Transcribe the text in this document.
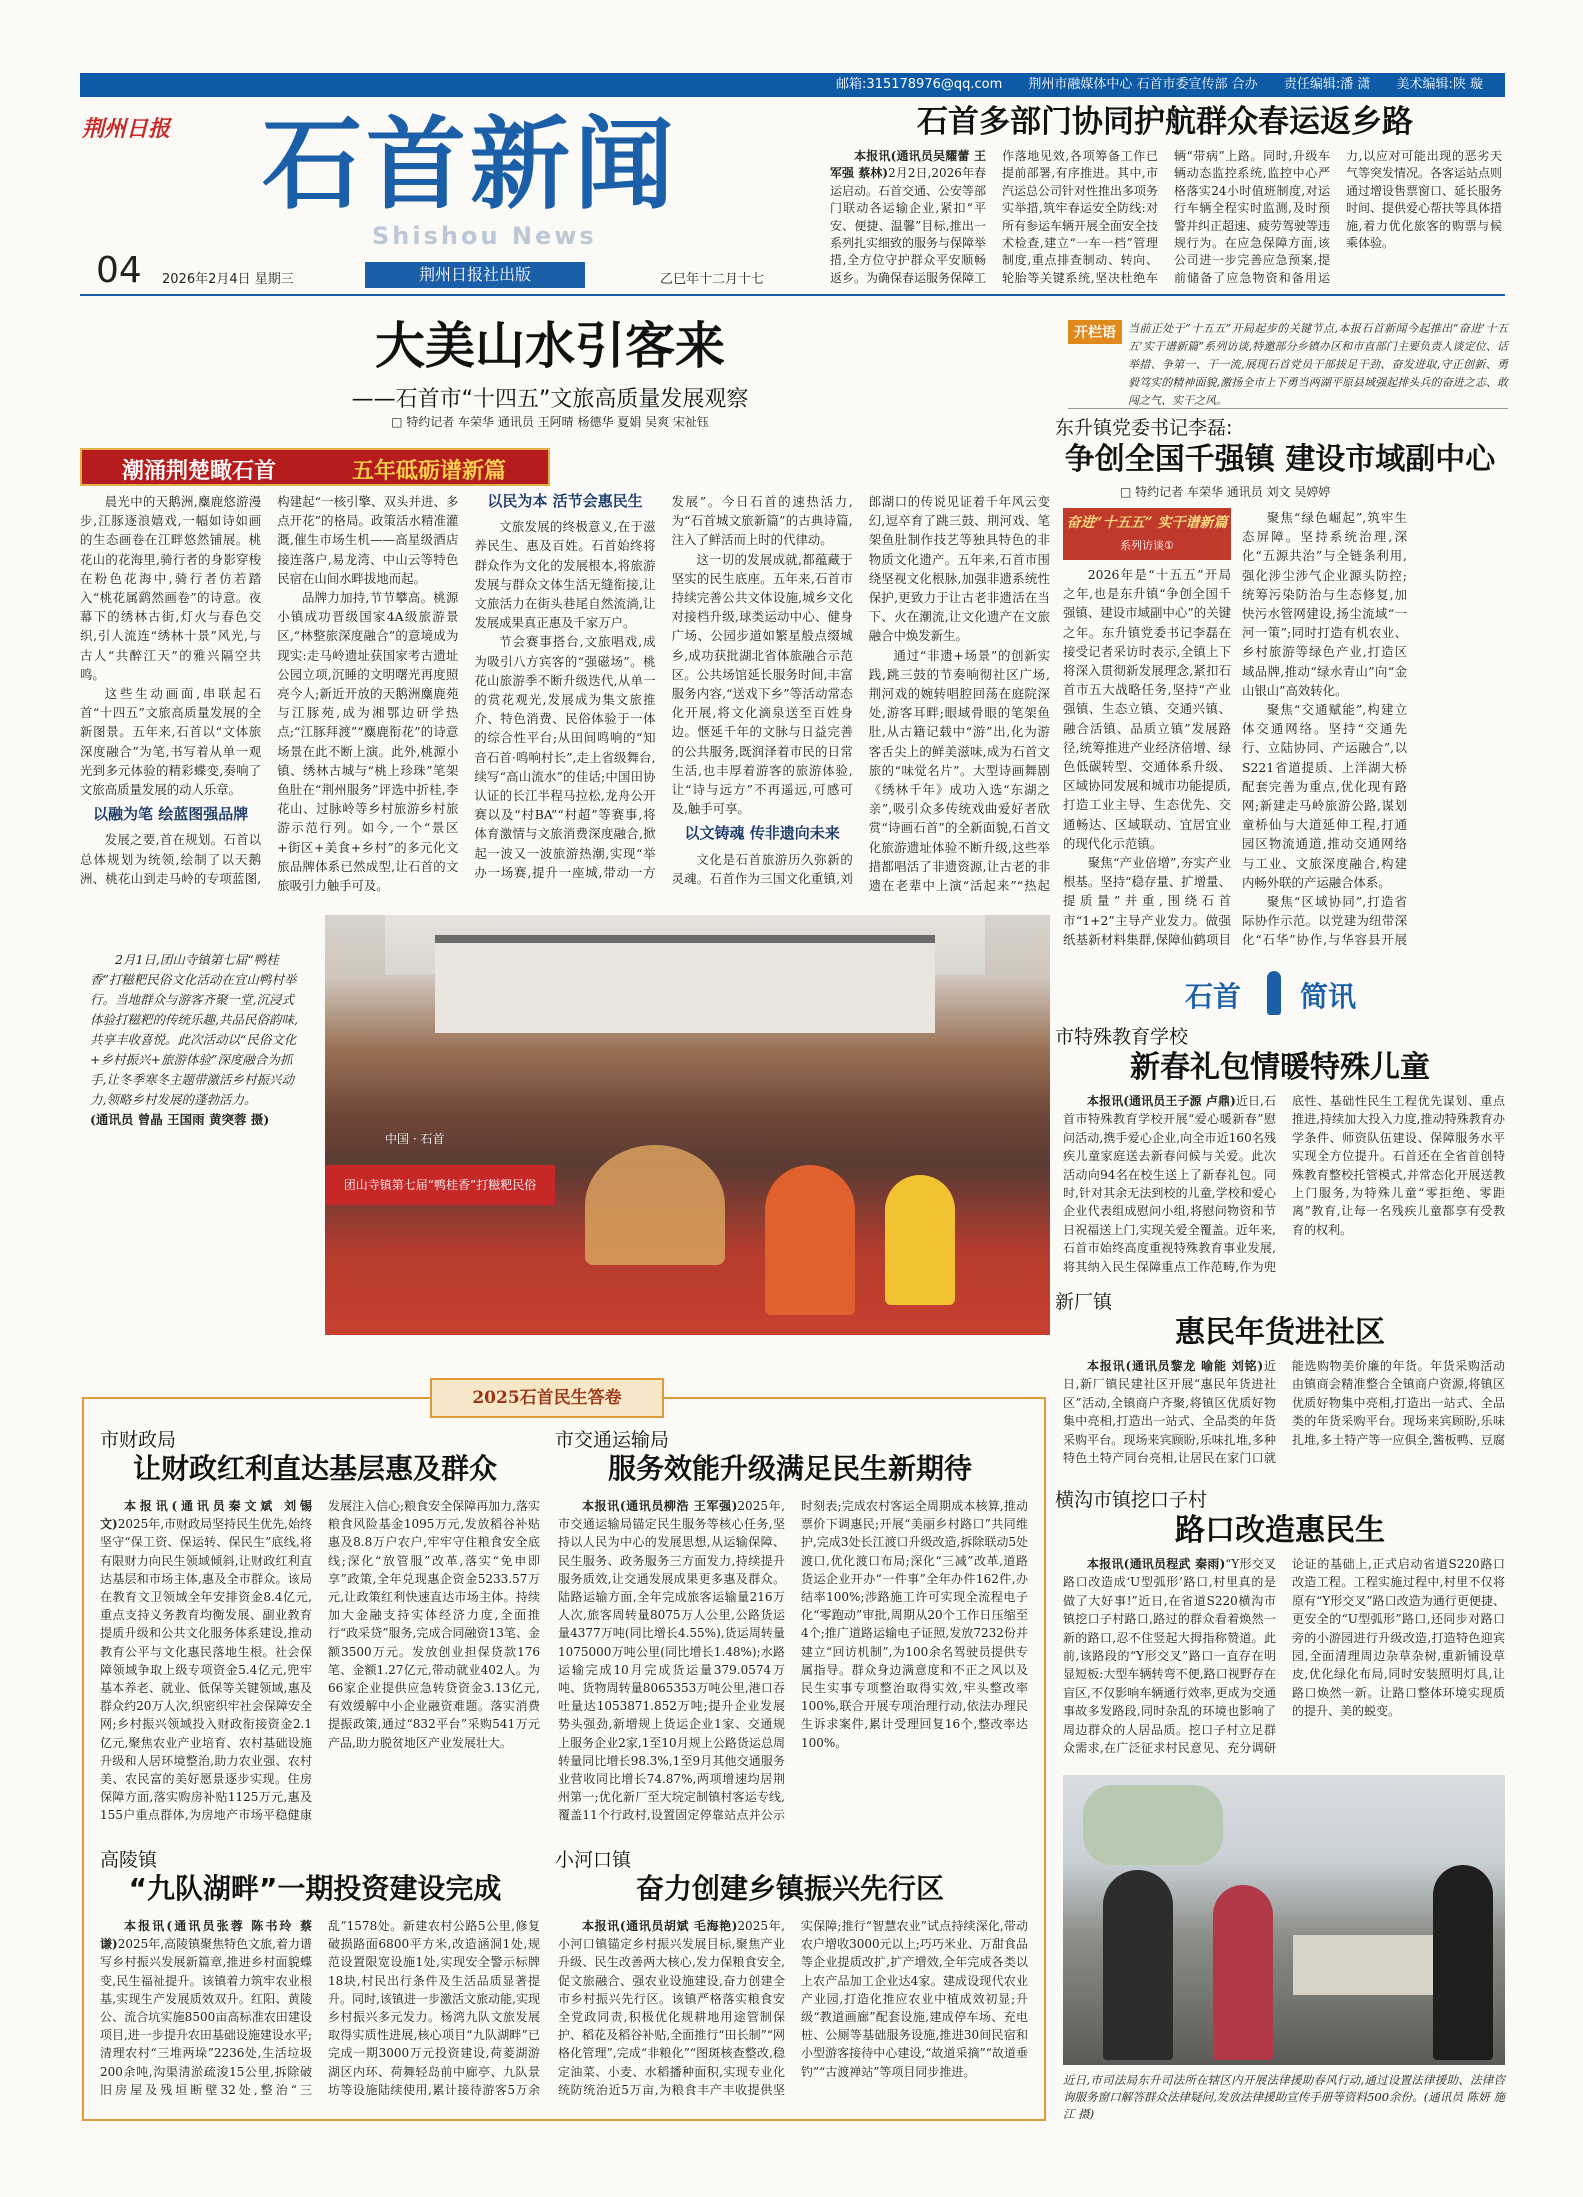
邮箱:315178976@qq.com 荆州市融媒体中心 石首市委宣传部 合办 责任编辑:潘 潇 美术编辑:陕 璇
荆州日报 石首新闻
Shishou News
04 2026年2月4日 星期三	荆州日报社出版	乙巳年十二月十七
石首多部门协同护航群众春运返乡路

本报讯(通讯员吴耀蕾 王军强 蔡林)2月2日,2026年春运启动。石首交通、公安等部门联动各运输企业,紧扣“平安、便捷、温馨”目标,推出一系列扎实细致的服务与保障举措,全方位守护群众平安顺畅返乡。为确保春运服务保障工作落地见效,各项筹备工作已提前部署,有序推进。其中,市汽运总公司针对性推出多项务实举措,筑牢春运安全防线:对所有参运车辆开展全面安全技术检查,建立“一车一档”管理制度,重点排查制动、转向、轮胎等关键系统,坚决杜绝车辆“带病”上路。同时,升级车辆动态监控系统,监控中心严格落实24小时值班制度,对运行车辆全程实时监测,及时预警并纠正超速、疲劳驾驶等违规行为。在应急保障方面,该公司进一步完善应急预案,提前储备了应急物资和备用运力,以应对可能出现的恶劣天气等突发情况。各客运站点则通过增设售票窗口、延长服务时间、提供爱心帮扶等具体措施,着力优化旅客的购票与候乘体验。

大美山水引客来
——石首市“十四五”文旅高质量发展观察
□ 特约记者 车荣华 通讯员 王阿晴 杨德华 夏娟 吴爽 宋祉钰
潮涌荆楚瞰石首	五年砥砺谱新篇

晨光中的天鹅洲,麋鹿悠游漫步,江豚逐浪嬉戏,一幅如诗如画的生态画卷在江畔悠然铺展。桃花山的花海里,骑行者的身影穿梭在粉色花海中,骑行者仿若踏入“桃花属鹞然画卷”的诗意。夜幕下的绣林古街,灯火与春色交织,引人流连“绣林十景”风光,与古人“共醉江天”的雅兴隔空共鸣。

这些生动画面,串联起石首“十四五”文旅高质量发展的全新图景。五年来,石首以“文体旅深度融合”为笔,书写着从单一观光到多元体验的精彩蝶变,奏响了文旅高质量发展的动人乐章。

以融为笔 绘蓝图强品牌

发展之要,首在规划。石首以总体规划为统领,绘制了以天鹅洲、桃花山到走马岭的专项蓝图,构建起“一核引擎、双头并进、多点开花”的格局。政策活水精准灌溉,催生市场生机——高星级酒店接连落户,易龙湾、中山云等特色民宿在山间水畔拔地而起。

品牌力加持,节节攀高。桃源小镇成功晋级国家4A级旅游景区,“林整旅深度融合”的意境成为现实:走马岭遗址获国家考古遗址公园立项,沉睡的文明曙光再度照亮今人;新近开放的天鹅洲麋鹿苑与江豚苑,成为湘鄂边研学热点;“江豚拜渡”“麋鹿衔花”的诗意场景在此不断上演。此外,桃源小镇、绣林古城与“桃上珍珠”笔架鱼肚在“荆州服务”评选中折桂,李花山、过脉岭等乡村旅游乡村旅游示范行列。如今,一个“景区+街区+美食+乡村”的多元化文旅品牌体系已然成型,让石首的文旅吸引力触手可及。

以民为本 活节会惠民生

文旅发展的终极意义,在于滋养民生、惠及百姓。石首始终将群众作为文化的发展根本,将旅游发展与群众文体生活无缝衔接,让文旅活力在街头巷尾自然流淌,让发展成果真正惠及千家万户。

节会赛事搭台,文旅唱戏,成为吸引八方宾客的“强磁场”。桃花山旅游季不断升级迭代,从单一的赏花观光,发展成为集文旅推介、特色消费、民俗体验于一体的综合性平台;从田间鸣响的“知音石首·鸣响村长”,走上省级舞台,续写“高山流水”的佳话;中国田协认证的长江半程马拉松,龙舟公开赛以及“村BA”“村超”等赛事,将体育激情与文旅消费深度融合,掀起一波又一波旅游热潮,实现“举办一场赛,提升一座城,带动一方发展”。今日石首的速热活力,为“石首城文旅新篇”的古典诗篇,注入了鲜活而上时的代律动。

这一切的发展成就,都蕴藏于坚实的民生底座。五年来,石首市持续完善公共文体设施,城乡文化对接档升级,球类运动中心、健身广场、公园步道如繁星般点缀城乡,成功获批湖北省体旅融合示范区。公共场馆延长服务时间,丰富服务内容,“送戏下乡”等活动常态化开展,将文化滴泉送至百姓身边。惬延千年的文脉与日益完善的公共服务,既润泽着市民的日常生活,也丰厚着游客的旅游体验,让“诗与远方”不再遥远,可感可及,触手可享。

以文铸魂 传非遗向未来

文化是石首旅游历久弥新的灵魂。石首作为三国文化重镇,刘郎湖口的传说见证着千年风云变幻,逗卒育了跳三鼓、荆河戏、笔架鱼肚制作技艺等独具特色的非物质文化遗产。五年来,石首市围绕坚视文化根脉,加强非遗系统性保护,更致力于让古老非遗活在当下、火在潮流,让文化遗产在文旅融合中焕发新生。

通过“非遗+场景”的创新实践,跳三鼓的节奏响彻社区广场,荆河戏的婉转唱腔回荡在庭院深处,游客耳畔;眼域骨眼的笔架鱼肚,从古籍记载中“游”出,化为游客舌尖上的鲜美滋味,成为石首文旅的“味觉名片”。大型诗画舞剧《绣林千年》成功入选“东湖之亲”,吸引众多传统戏曲爱好者欣赏“诗画石首”的全新面貌,石首文化旅游遗址体验不断升级,这些举措都唱活了非遗资源,让古老的非遗在老辈中上演“活起来”“热起

团山寺镇第七届“鸭桂香”打糍粑民俗
中国 · 石首
2月1日,团山寺镇第七届“鸭桂香”打糍粑民俗文化活动在宜山鸭村举行。当地群众与游客齐聚一堂,沉浸式体验打糍粑的传统乐趣,共品民俗韵味,共享丰收喜悦。此次活动以“民俗文化+乡村振兴+旅游体验”深度融合为抓手,让冬季寒冬主题带激活乡村振兴动力,领略乡村发展的蓬勃活力。
(通讯员 曾晶 王国雨 黄突蓉 摄)
开栏语	当前正处于“十五五”开局起步的关键节点,本报石首新闻今起推出“奋进‘十五五’实干谱新篇”系列访谈,特邀部分乡镇办区和市直部门主要负责人谈定位、话举措、争第一、干一流,展现石首党员干部拔足干劲、奋发进取,守正创新、勇毅笃实的精神面貌,激扬全市上下勇当两湖平原县域强起排头兵的奋进之志、敢闯之气、实干之风。
东升镇党委书记李磊:
争创全国千强镇 建设市域副中心
□ 特约记者 车荣华 通讯员 刘文 吴婷婷
奋进“十五五” 实干谱新篇
系列访谈①

2026年是“十五五”开局之年,也是东升镇“争创全国千强镇、建设市域副中心”的关键之年。东升镇党委书记李磊在接受记者采访时表示,全镇上下将深入贯彻新发展理念,紧扣石首市五大战略任务,坚持“产业强镇、生态立镇、交通兴镇、融合活镇、品质立镇”发展路径,统筹推进产业经济倍增、绿色低碳转型、交通体系升级、区域协同发展和城市功能提质,打造工业主导、生态优先、交通畅达、区域联动、宜居宜业的现代化示范镇。

聚焦“产业倍增”,夯实产业根基。坚持“稳存量、扩增量、提质量”并重,围绕石首市“1+2”主导产业发力。做强纸基新材料集群,保障仙鹤项目

聚焦“绿色崛起”,筑牢生态屏障。坚持系统治理,深化“五源共治”与全链条利用,强化涉尘涉气企业源头防控;统筹污染防治与生态修复,加快污水管网建设,扬尘流域“一河一策”;同时打造有机农业、乡村旅游等绿色产业,打造区域品牌,推动“绿水青山”向“金山银山”高效转化。

聚焦“交通赋能”,构建立体交通网络。坚持“交通先行、立陆协同、产运融合”,以S221省道提质、上洋湖大桥配套完善为重点,优化现有路网;新建走马岭旅游公路,谋划童桥仙与大道延伸工程,打通园区物流通道,推动交通网络与工业、文旅深度融合,构建内畅外联的产运融合体系。

聚焦“区域协同”,打造省际协作示范。以党建为纽带深化“石华”协作,与华容县开展

石首 简讯
市特殊教育学校
新春礼包情暖特殊儿童

本报讯(通讯员王子源 卢鼎)近日,石首市特殊教育学校开展“爱心暖新春”慰问活动,携手爱心企业,向全市近160名残疾儿童家庭送去新春问候与关爱。此次活动向94名在校生送上了新春礼包。同时,针对其余无法到校的儿童,学校和爱心企业代表组成慰问小组,将慰问物资和节日祝福送上门,实现关爱全覆盖。近年来,石首市始终高度重视特殊教育事业发展,将其纳入民生保障重点工作范畴,作为兜底性、基础性民生工程优先谋划、重点推进,持续加大投入力度,推动特殊教育办学条件、师资队伍建设、保障服务水平实现全方位提升。石首还在全省首创特殊教育整校托管模式,并常态化开展送教上门服务,为特殊儿童“零拒绝、零距离”教育,让每一名残疾儿童都享有受教育的权利。

新厂镇
惠民年货进社区

本报讯(通讯员黎龙 喻能 刘铭)近日,新厂镇民建社区开展“惠民年货进社区”活动,全镇商户齐聚,将镇区优质好物集中亮相,打造出一站式、全品类的年货采购平台。现场来宾顾盼,乐味扎堆,多种特色土特产同台亮相,让居民在家门口就能选购物美价廉的年货。年货采购活动由镇商会精准整合全镇商户资源,将镇区优质好物集中亮相,打造出一站式、全品类的年货采购平台。现场来宾顾盼,乐味扎堆,多土特产等一应俱全,酱板鸭、豆腐

横沟市镇挖口子村
路口改造惠民生

本报讯(通讯员程武 秦雨)“Y形交叉路口改造成‘U型弧形’路口,村里真的是做了大好事!”近日,在省道S220横沟市镇挖口子村路口,路过的群众看着焕然一新的路口,忍不住竖起大拇指称赞道。此前,该路段的“Y形交叉”路口一直存在明显短板:大型车辆转弯不便,路口视野存在盲区,不仅影响车辆通行效率,更成为交通事故多发路段,同时杂乱的环境也影响了周边群众的人居品质。挖口子村立足群众需求,在广泛征求村民意见、充分调研论证的基础上,正式启动省道S220路口改造工程。工程实施过程中,村里不仅将原有“Y形交叉”路口改造为通行更便捷、更安全的“U型弧形”路口,还同步对路口旁的小游园进行升级改造,打造特色迎宾园,全面清理周边杂草杂树,重新铺设草皮,优化绿化布局,同时安装照明灯具,让路口焕然一新。让路口整体环境实现质的提升、美的蜕变。

近日,市司法局东升司法所在辖区内开展法律援助春风行动,通过设置法律援助、法律咨询服务窗口解答群众法律疑问,发放法律援助宣传手册等资料500余份。(通讯员 陈妍 施江 摄)
2025石首民生答卷
市财政局
让财政红利直达基层惠及群众

本报讯(通讯员秦文斌 刘锡文)2025年,市财政局坚持民生优先,始终坚守“保工资、保运转、保民生”底线,将有限财力向民生领域倾斜,让财政红利直达基层和市场主体,惠及全市群众。该局在教育文卫领域全年安排资金8.4亿元,重点支持义务教育均衡发展、副业教育提质升级和公共文化服务体系建设,推动教育公平与文化惠民落地生根。社会保障领域争取上级专项资金5.4亿元,兜牢基本养老、就业、低保等关键领域,惠及群众约20万人次,织密织牢社会保障安全网;乡村振兴领域投入财政衔接资金2.1亿元,聚焦农业产业培育、农村基础设施升级和人居环境整治,助力农业强、农村美、农民富的美好愿景逐步实现。住房保障方面,落实购房补贴1125万元,惠及155户重点群体,为房地产市场平稳健康发展注入信心;粮食安全保障再加力,落实粮食风险基金1095万元,发放稻谷补贴惠及8.8万户农户,牢牢守住粮食安全底线;深化“放管服”改革,落实“免申即享”政策,全年兑现惠企资金5233.57万元,让政策红利快速直达市场主体。持续加大金融支持实体经济力度,全面推行“政采贷”服务,完成合同融资13笔、金额3500万元。发放创业担保贷款176笔、金额1.27亿元,带动就业402人。为66家企业提供应急转贷资金3.13亿元,有效缓解中小企业融资难题。落实消费提振政策,通过“832平台”采购541万元产品,助力脱贫地区产业发展壮大。

市交通运输局
服务效能升级满足民生新期待

本报讯(通讯员柳浩 王军强)2025年,市交通运输局锚定民生服务等核心任务,坚持以人民为中心的发展思想,从运输保障、民生服务、政务服务三方面发力,持续提升服务质效,让交通发展成果更多惠及群众。陆路运输方面,全年完成旅客运输量216万人次,旅客周转量8075万人公里,公路货运量4377万吨(同比增长4.55%),货运周转量1075000万吨公里(同比增长1.48%);水路运输完成10月完成货运量379.0574万吨、货物周转量8065353万吨公里,港口吞吐量达1053871.852万吨;提升企业发展势头强劲,新增规上货运企业1家、交通规上服务企业2家,1至10月规上公路货运总周转量同比增长98.3%,1至9月其他交通服务业营收同比增长74.87%,两项增速均居荆州第一;优化新厂至大垸定制镇村客运专线,覆盖11个行政村,设置固定停靠站点并公示时刻表;完成农村客运全周期成本核算,推动票价下调惠民;开展“美丽乡村路口”共同维护,完成3处长江渡口升级改造,拆除联动5处渡口,优化渡口布局;深化“三减”改革,道路货运企业开办“一件事”全年办件162件,办结率100%;涉路施工许可实现全流程电子化“零跑动”审批,周期从20个工作日压缩至4个;推广道路运输电子证照,发放7232份并建立“回访机制”,为100余名驾驶员提供专属指导。群众身边满意度和不正之风以及民生实事专项整治取得实效,牢头整改率100%,联合开展专项治理行动,依法办理民生诉求案件,累计受理回复16个,整改率达100%。

高陵镇
“九队湖畔”一期投资建设完成

本报讯(通讯员张蓉 陈书玲 蔡谦)2025年,高陵镇聚焦特色文旅,着力谱写乡村振兴发展新篇章,推进乡村面貌蝶变,民生福祉提升。该镇着力筑牢农业根基,实现生产发展质效双升。红阳、黄陵公、流合坑实施8500亩高标准农田建设项目,进一步提升农田基础设施建设水平;清理农村“三堆两垛”2236处,生活垃圾200余吨,沟渠清淤疏浚15公里,拆除破旧房屋及残垣断壁32处,整治“三乱”1578处。新建农村公路5公里,修复破损路面6800平方米,改造涵洞1处,规范设置限宽设施1处,实现安全警示标牌18块,村民出行条件及生活品质显著提升。同时,该镇进一步激活文旅动能,实现乡村振兴多元发力。杨湾九队文旅发展取得实质性进展,核心项目“九队湖畔”已完成一期3000万元投资建设,荷菱湖游湖区内环、荷舞轻岛前中廊亭、九队景坊等设施陆续使用,累计接待游客5万余

小河口镇
奋力创建乡镇振兴先行区

本报讯(通讯员胡斌 毛海艳)2025年,小河口镇锚定乡村振兴发展目标,聚焦产业升级、民生改善两大核心,发力保粮食安全,促文旅融合、强农业设施建设,奋力创建全市乡村振兴先行区。该镇严格落实粮食安全党政同责,积极优化规耕地用途管制保护、稻花及稻谷补贴,全面推行“田长制”“网格化管理”,完成“非粮化”“图斑核查整改,稳定油菜、小麦、水稻播种面积,实现专业化统防统治近5万亩,为粮食丰产丰收提供坚实保障;推行“智慧农业”试点持续深化,带动农户增收3000元以上;巧巧米业、万甜食品等企业提质改扩,扩产增效,全年完成各类以上农产品加工企业达4家。建成设现代农业产业园,打造化推应农业中植成效初显;升级“教道画廊”配套设施,建成停车场、充电桩、公厕等基础服务设施,推进30间民宿和小型游客接待中心建设,“故道采摘”“故道垂钓”“古渡禅站”等项目同步推进。
